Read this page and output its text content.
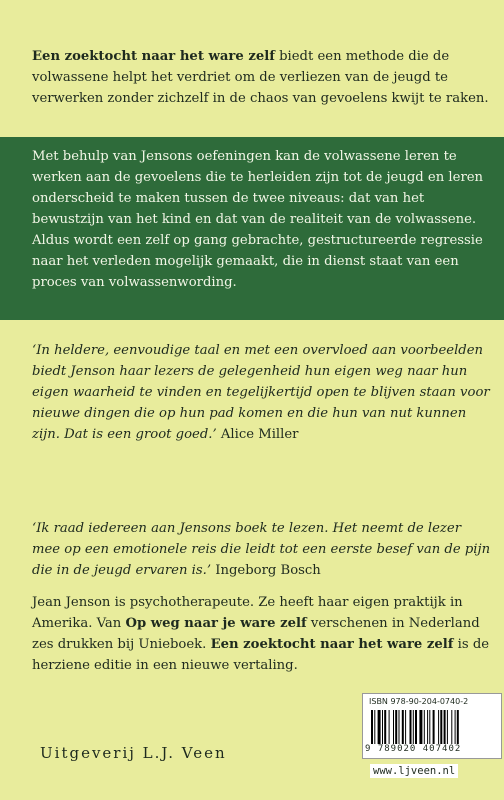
Een zoektocht naar het ware zelf biedt een methode die de volwassene helpt het verdriet om de verliezen van de jeugd te verwerken zonder zichzelf in de chaos van gevoelens kwijt te raken.

Met behulp van Jensons oefeningen kan de volwassene leren te werken aan de gevoelens die te herleiden zijn tot de jeugd en leren onderscheid te maken tussen de twee niveaus: dat van het bewustzijn van het kind en dat van de realiteit van de volwassene. Aldus wordt een zelf op gang gebrachte, gestructureerde regressie naar het verleden mogelijk gemaakt, die in dienst staat van een proces van volwassenwording.

‘In heldere, eenvoudige taal en met een overvloed aan voorbeelden biedt Jenson haar lezers de gelegenheid hun eigen weg naar hun eigen waarheid te vinden en tegelijkertijd open te blijven staan voor nieuwe dingen die op hun pad komen en die hun van nut kunnen zijn. Dat is een groot goed.’ Alice Miller

‘Ik raad iedereen aan Jensons boek te lezen. Het neemt de lezer mee op een emotionele reis die leidt tot een eerste besef van de pijn die in de jeugd ervaren is.’ Ingeborg Bosch

Jean Jenson is psychotherapeute. Ze heeft haar eigen praktijk in Amerika. Van Op weg naar je ware zelf verschenen in Nederland zes drukken bij Unieboek. Een zoektocht naar het ware zelf is de herziene editie in een nieuwe vertaling.

Uitgeverij L.J. Veen

ISBN 978-90-204-0740-2

9 789020 407402

www.ljveen.nl
